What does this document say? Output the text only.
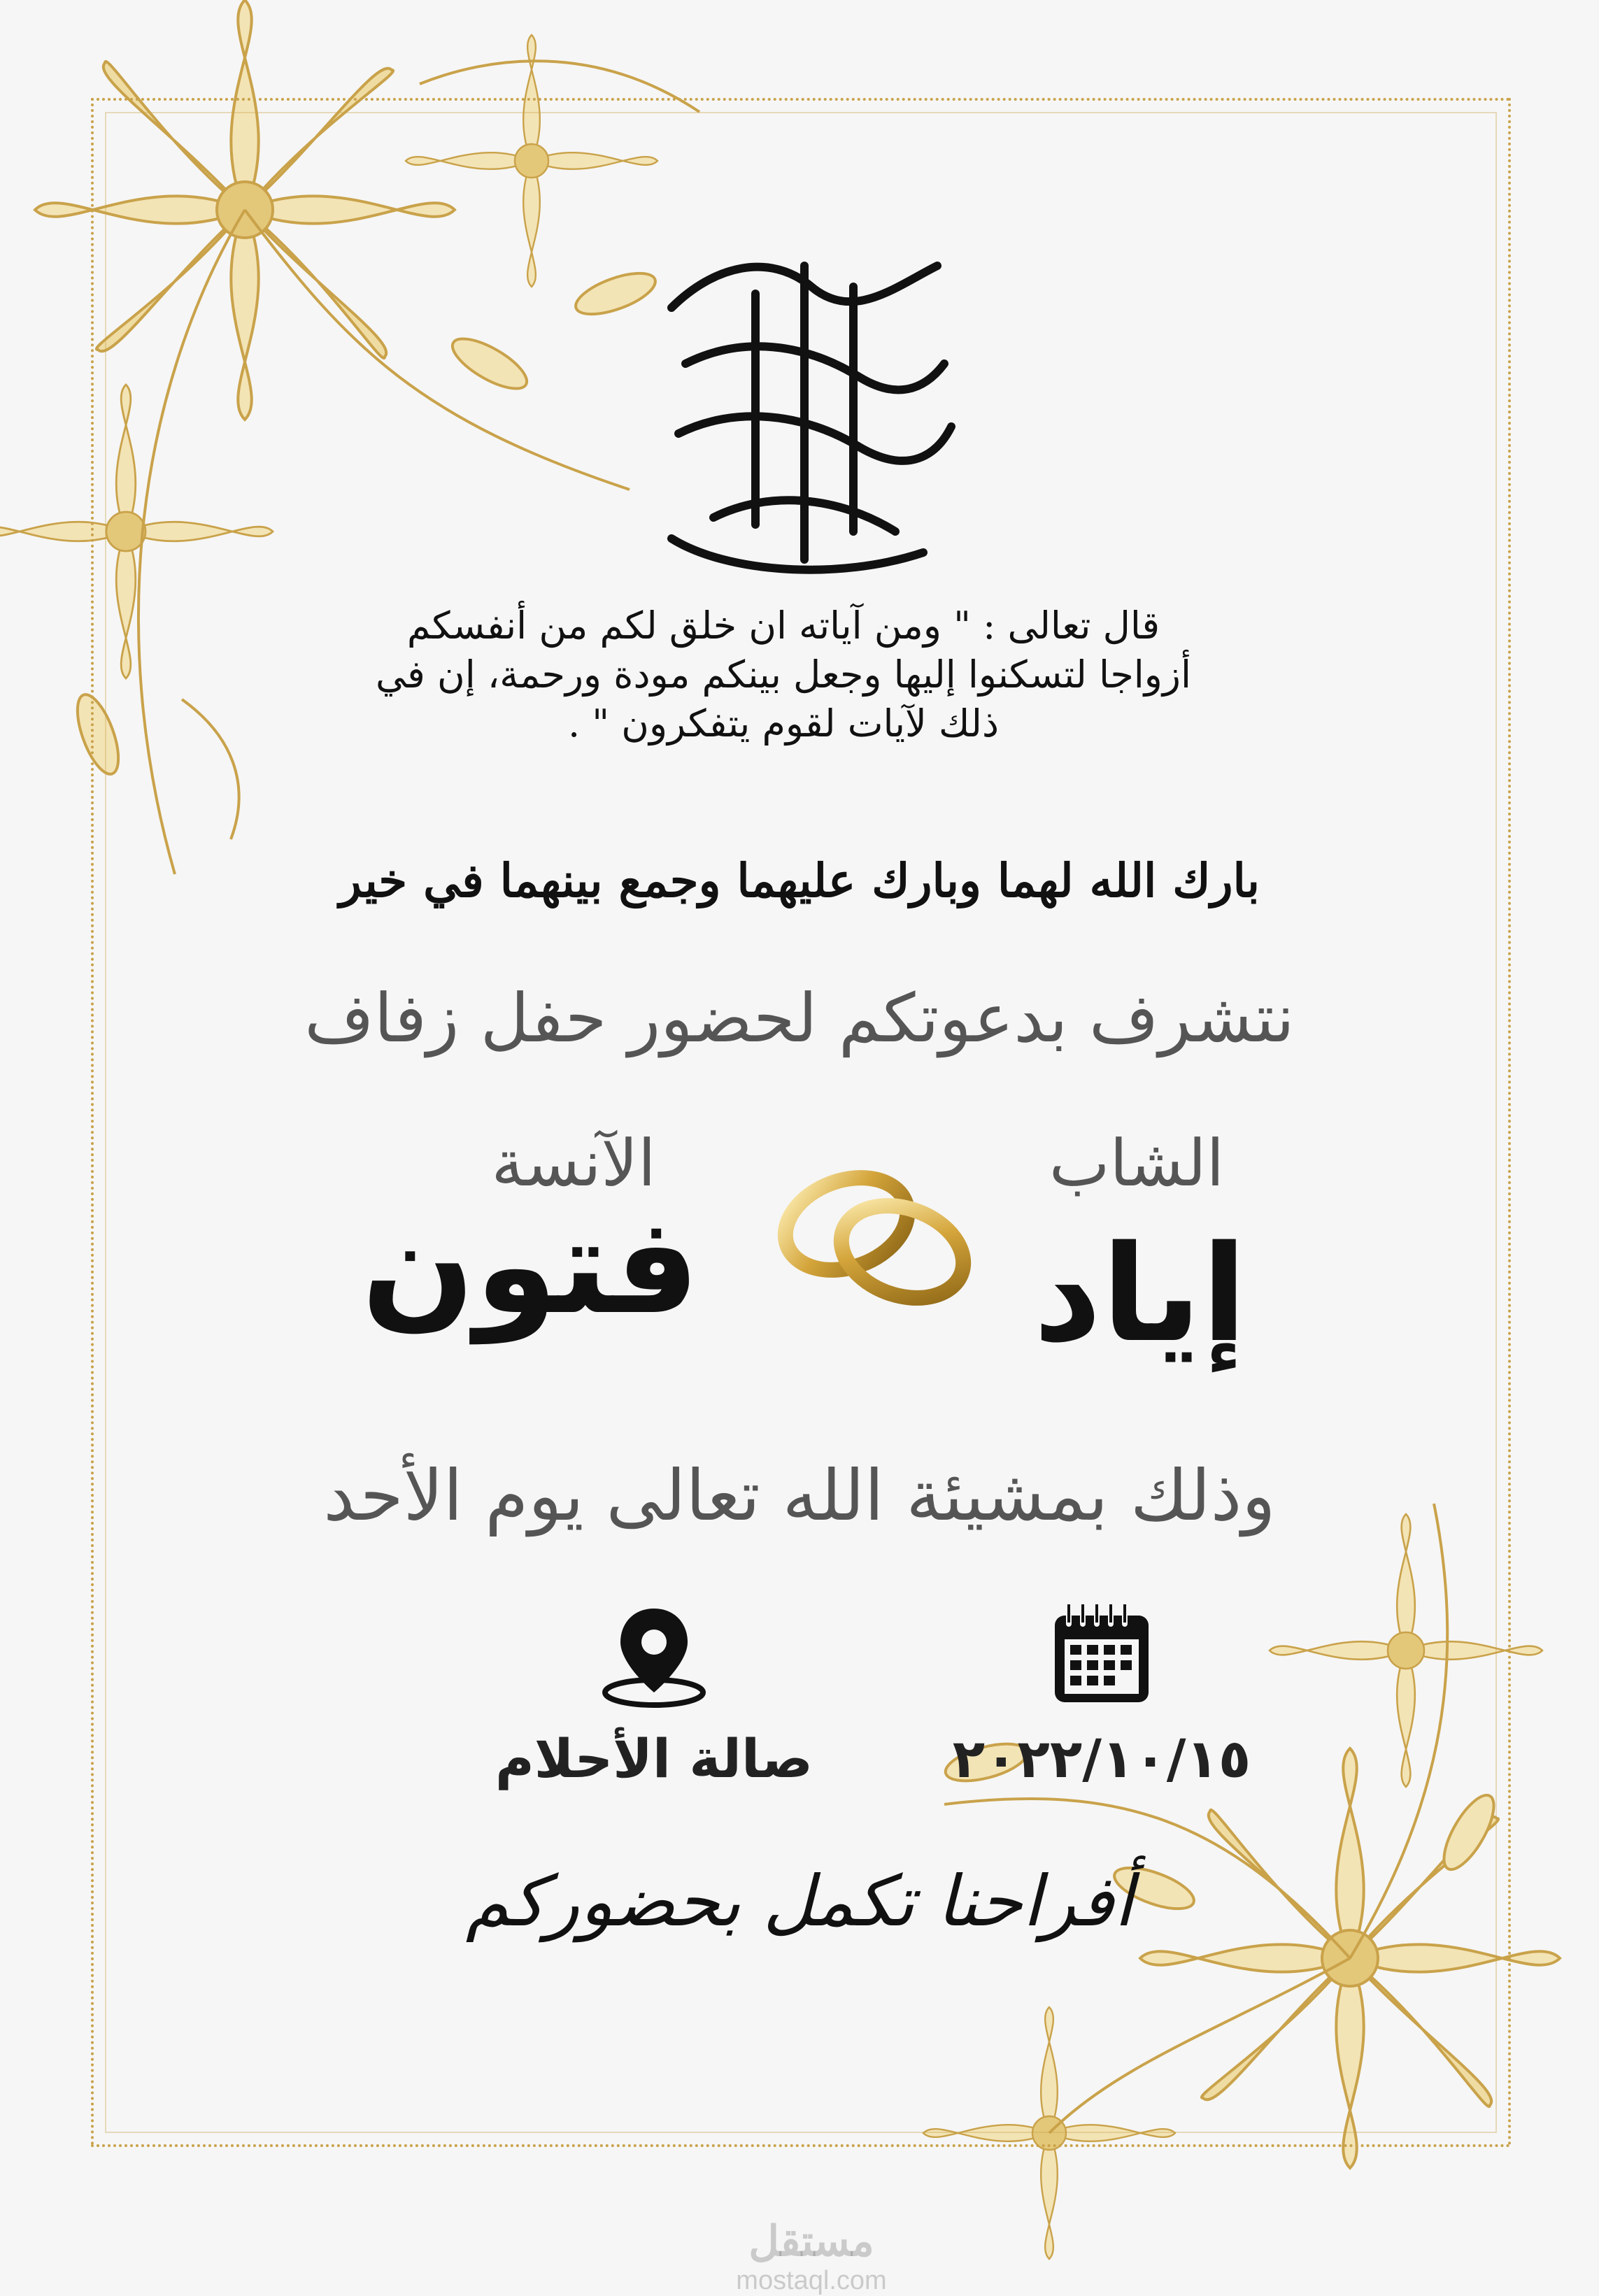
قال تعالى : " ومن آياته ان خلق لكم من أنفسكم
أزواجا لتسكنوا إليها وجعل بينكم مودة ورحمة، إن في
ذلك لآيات لقوم يتفكرون " .
بارك الله لهما وبارك عليهما وجمع بينهما في خير
نتشرف بدعوتكم لحضور حفل زفاف
الشاب
إياد
الآنسة
فتون
وذلك بمشيئة الله تعالى يوم الأحد
٢٠٢٢/١٠/١٥
صالة الأحلام
أفراحنا تكمل بحضوركم
مستقل
mostaql.com
